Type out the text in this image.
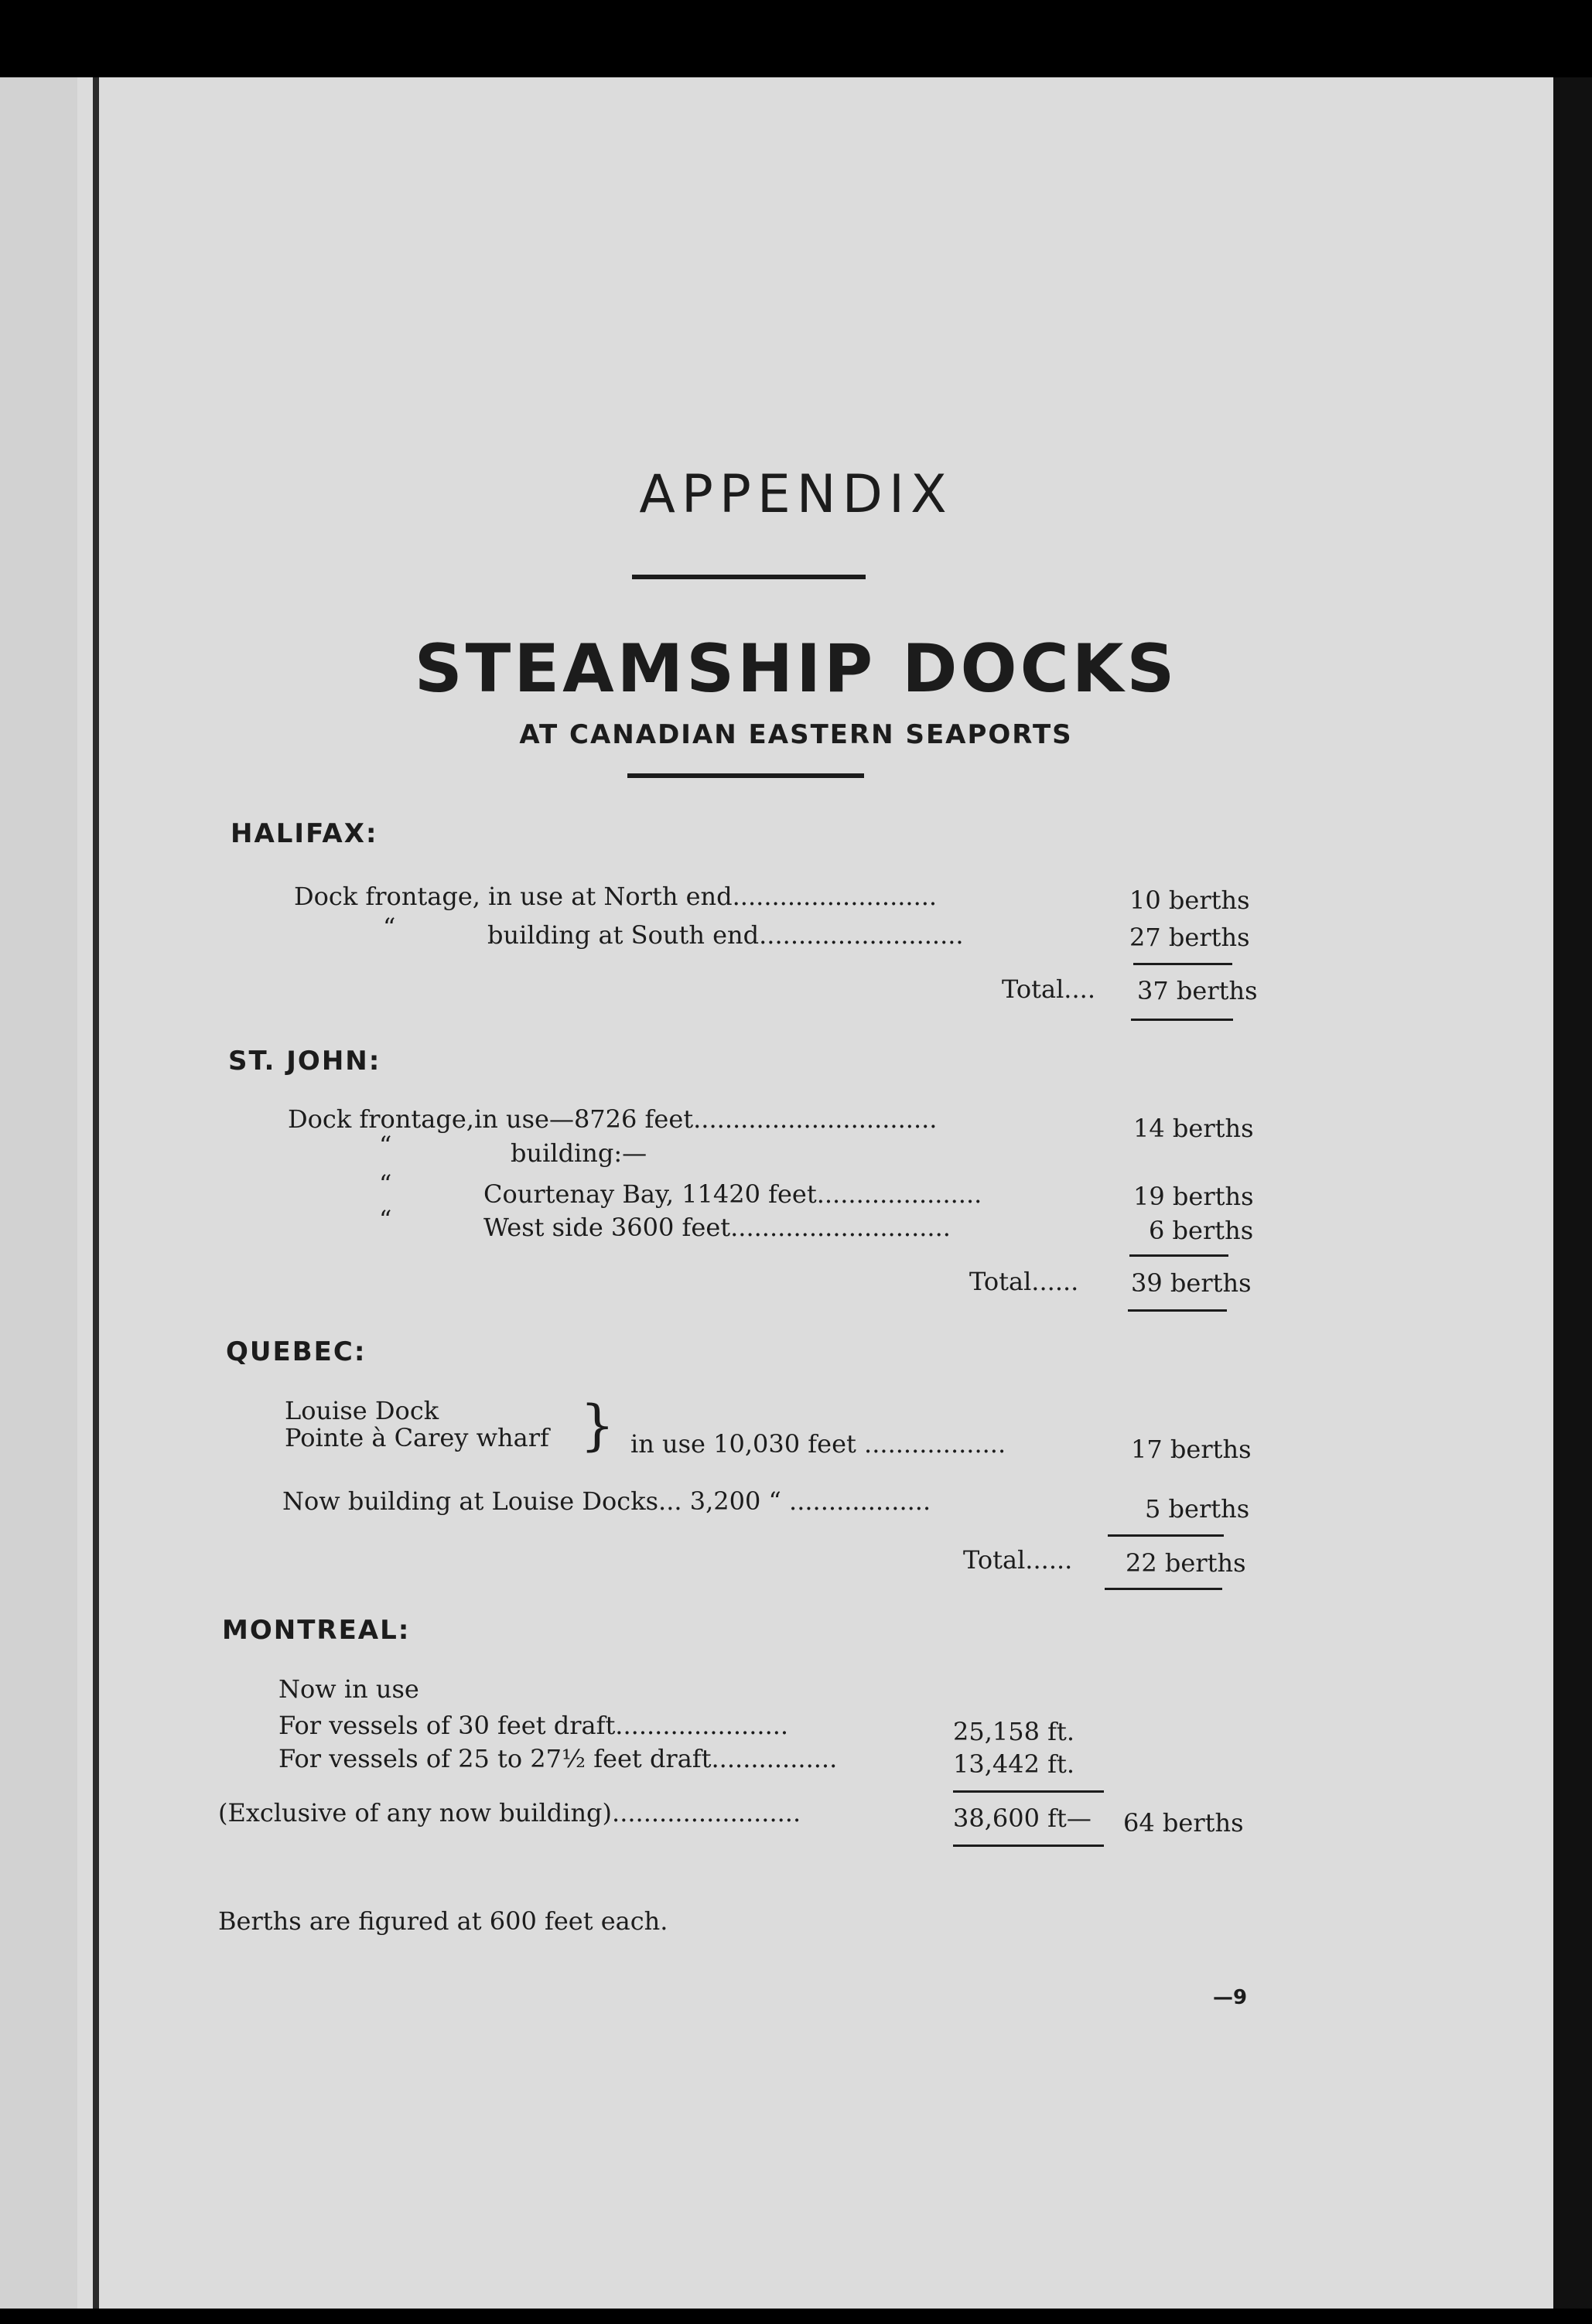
APPENDIX
STEAMSHIP DOCKS
AT CANADIAN EASTERN SEAPORTS
HALIFAX:
Dock frontage, in use at North end..........................	10 berths
“	building at South end..........................	27 berths
Total.... 37 berths
ST. JOHN:
Dock frontage,in use—8726 feet...............................	14 berths
“	building:—
“	Courtenay Bay, 11420 feet.....................	19 berths
“	West side 3600 feet............................	6 berths
Total...... 39 berths
QUEBEC:
Louise Dock
Pointe à Carey wharf } in use 10,030 feet ..................	17 berths
Now building at Louise Docks... 3,200 “ ..................	5 berths
Total...... 22 berths
MONTREAL:
Now in use
For vessels of 30 feet draft......................	25,158 ft.
For vessels of 25 to 27½ feet draft................	13,442 ft.
(Exclusive of any now building)........................	38,600 ft— 64 berths
Berths are figured at 600 feet each.
—9
